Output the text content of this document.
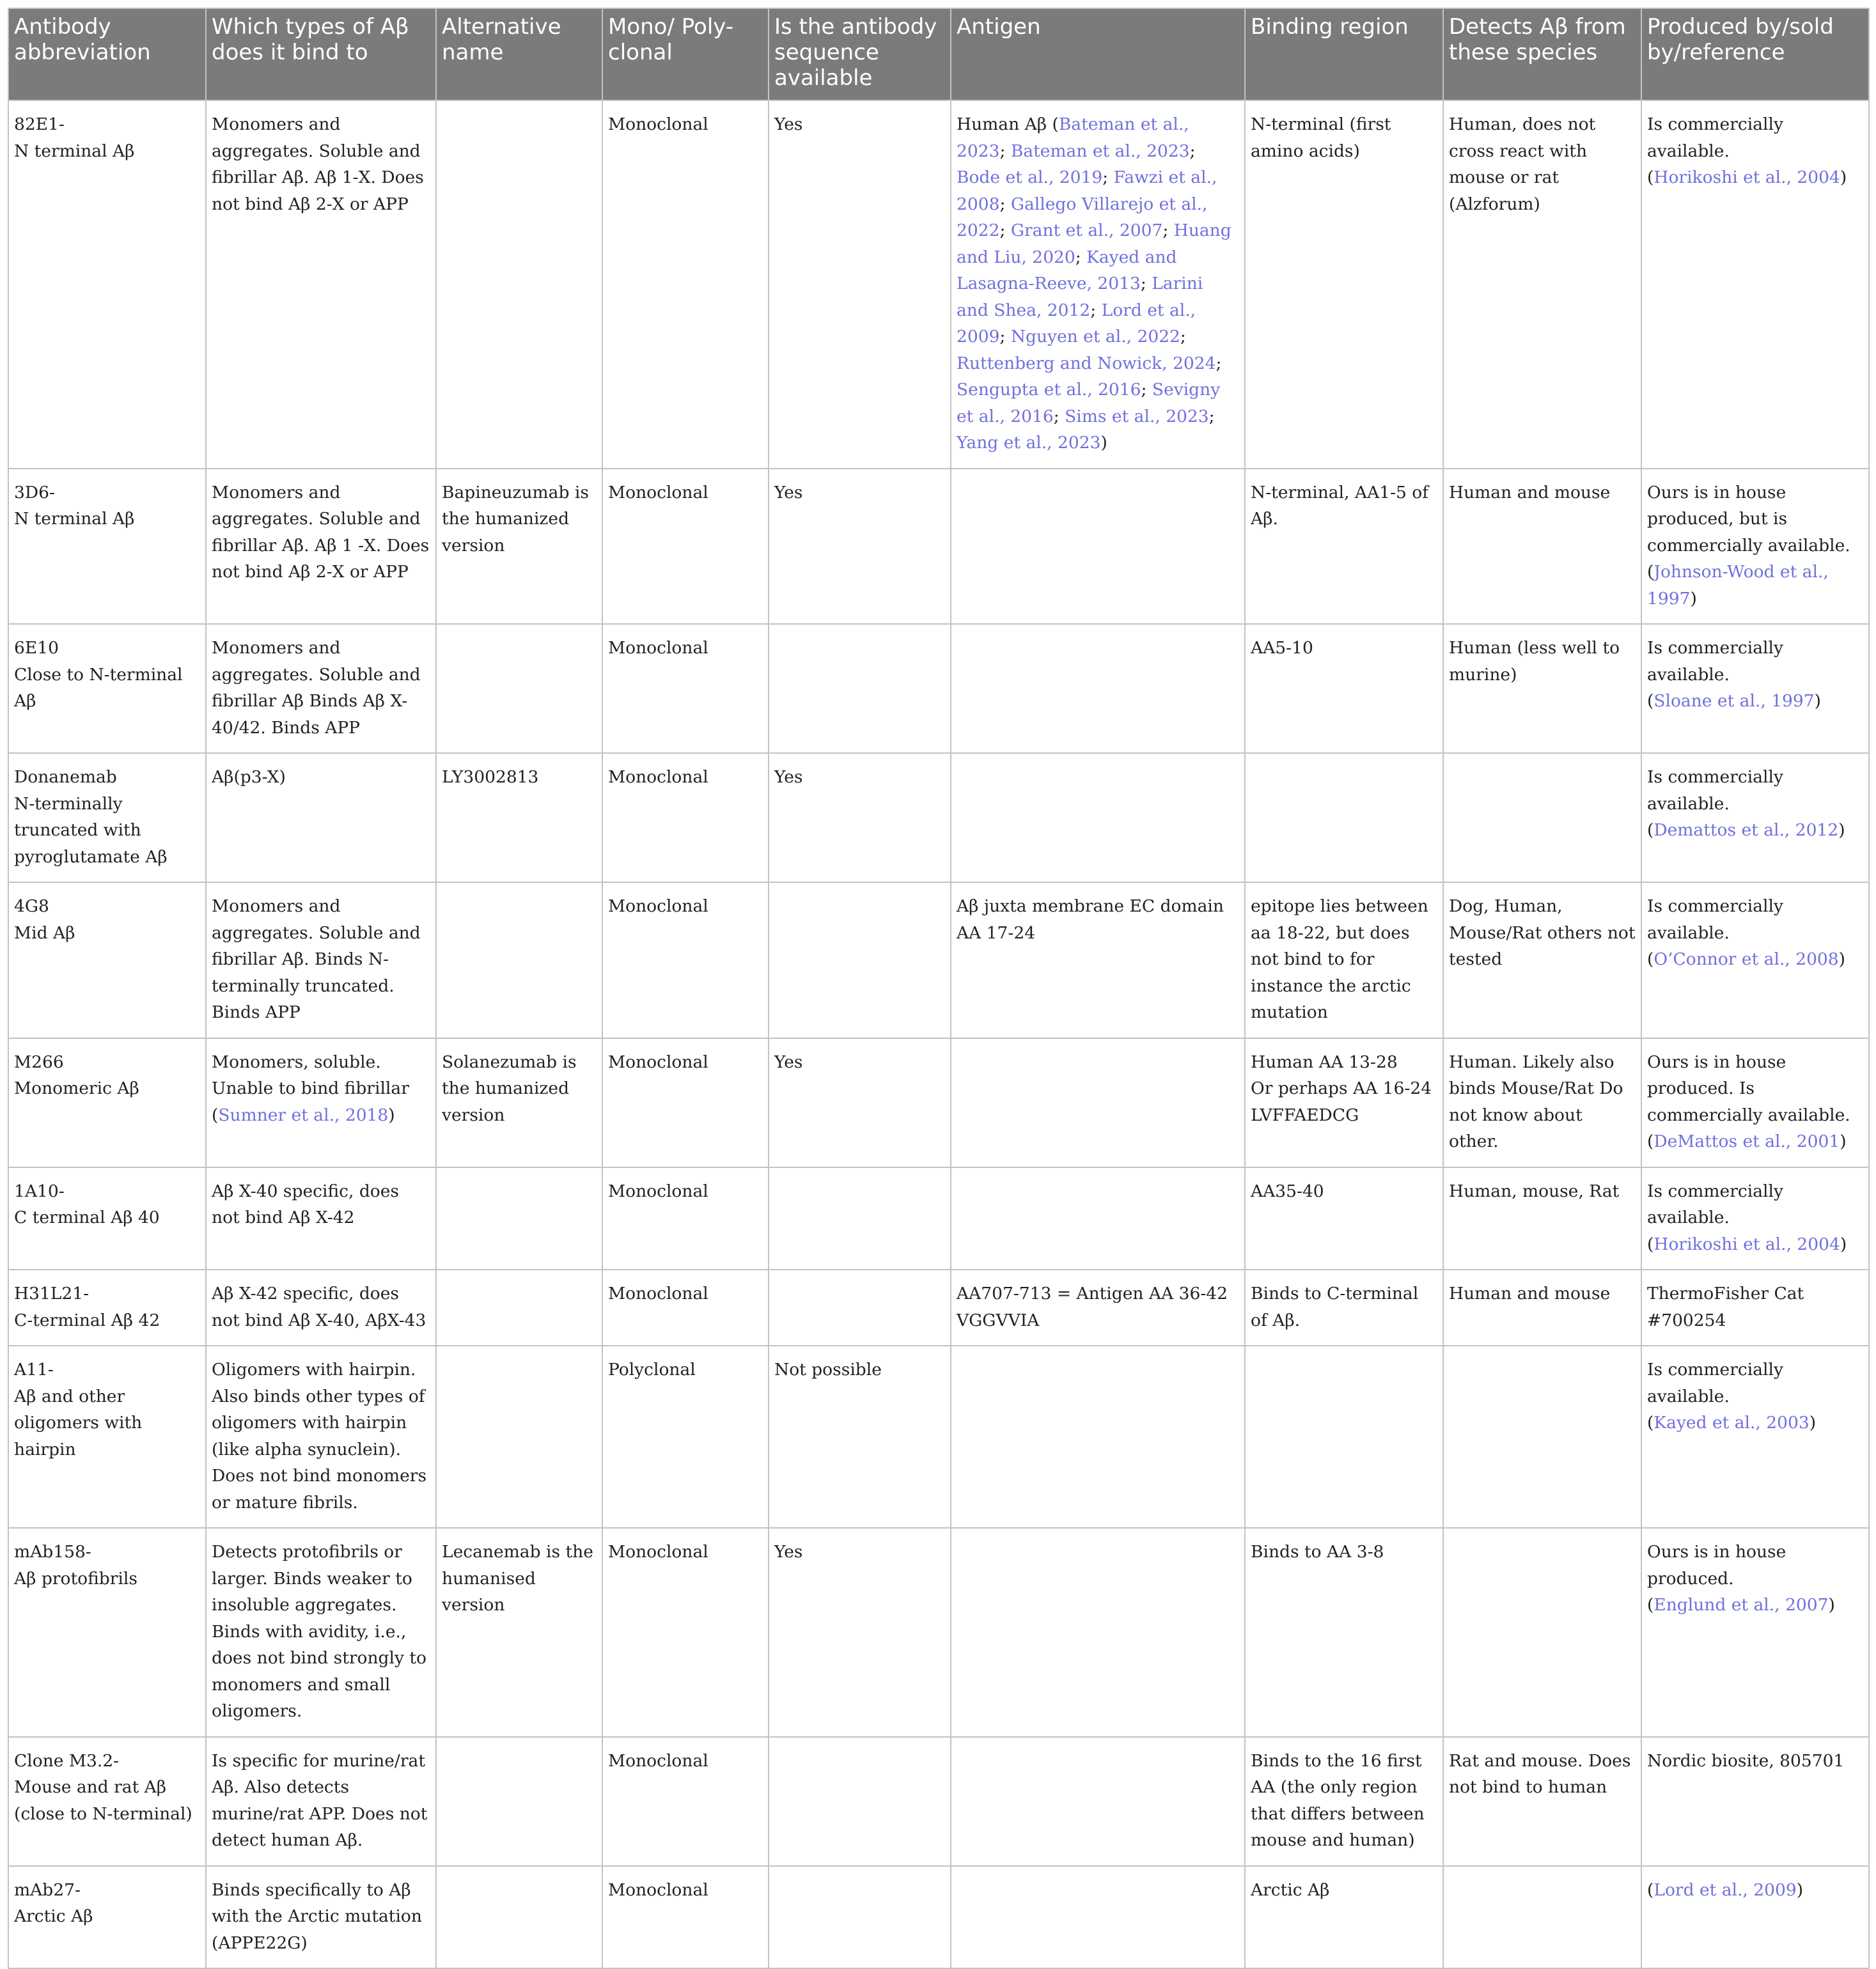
Antibody abbreviation	Which types of Aβ does it bind to	Alternative name	Mono/ Poly-clonal	Is the antibody sequence available	Antigen	Binding region	Detects Aβ from these species	Produced by/sold by/reference

82E1-
N terminal Aβ	Monomers and aggregates. Soluble and fibrillar Aβ. Aβ 1-X. Does not bind Aβ 2-X or APP		Monoclonal	Yes	Human Aβ (Bateman et al., 2023; Bateman et al., 2023; Bode et al., 2019; Fawzi et al., 2008; Gallego Villarejo et al., 2022; Grant et al., 2007; Huang and Liu, 2020; Kayed and Lasagna-Reeve, 2013; Larini and Shea, 2012; Lord et al., 2009; Nguyen et al., 2022; Ruttenberg and Nowick, 2024; Sengupta et al., 2016; Sevigny et al., 2016; Sims et al., 2023; Yang et al., 2023)	N-terminal (first amino acids)	Human, does not cross react with mouse or rat (Alzforum)	Is commercially available.
(Horikoshi et al., 2004)

3D6-
N terminal Aβ	Monomers and aggregates. Soluble and fibrillar Aβ. Aβ 1 -X. Does not bind Aβ 2-X or APP	Bapineuzumab is the humanized version	Monoclonal	Yes		N-terminal, AA1-5 of Aβ.	Human and mouse	Ours is in house produced, but is commercially available.
(Johnson-Wood et al., 1997)

6E10
Close to N-terminal Aβ	Monomers and aggregates. Soluble and fibrillar Aβ Binds Aβ X-40/42. Binds APP		Monoclonal			AA5-10	Human (less well to murine)	Is commercially available.
(Sloane et al., 1997)

Donanemab
N-terminally truncated with pyroglutamate Aβ	Aβ(p3-X)	LY3002813	Monoclonal	Yes				Is commercially available.
(Demattos et al., 2012)

4G8
Mid Aβ	Monomers and aggregates. Soluble and fibrillar Aβ. Binds N-terminally truncated. Binds APP		Monoclonal		Aβ juxta membrane EC domain AA 17-24	epitope lies between aa 18-22, but does not bind to for instance the arctic mutation	Dog, Human, Mouse/Rat others not tested	Is commercially available.
(O’Connor et al., 2008)

M266
Monomeric Aβ	Monomers, soluble. Unable to bind fibrillar (Sumner et al., 2018)	Solanezumab is the humanized version	Monoclonal	Yes		Human AA 13-28
Or perhaps AA 16-24 LVFFAEDCG	Human. Likely also binds Mouse/Rat Do not know about other.	Ours is in house produced. Is commercially available.
(DeMattos et al., 2001)

1A10-
C terminal Aβ 40	Aβ X-40 specific, does not bind Aβ X-42		Monoclonal			AA35-40	Human, mouse, Rat	Is commercially available.
(Horikoshi et al., 2004)

H31L21-
C-terminal Aβ 42	Aβ X-42 specific, does not bind Aβ X-40, AβX-43		Monoclonal		AA707-713 = Antigen AA 36-42 VGGVVIA	Binds to C-terminal of Aβ.	Human and mouse	ThermoFisher Cat #700254

A11-
Aβ and other oligomers with hairpin	Oligomers with hairpin. Also binds other types of oligomers with hairpin (like alpha synuclein). Does not bind monomers or mature fibrils.		Polyclonal	Not possible				Is commercially available.
(Kayed et al., 2003)

mAb158-
Aβ protofibrils	Detects protofibrils or larger. Binds weaker to insoluble aggregates. Binds with avidity, i.e., does not bind strongly to monomers and small oligomers.	Lecanemab is the humanised version	Monoclonal	Yes		Binds to AA 3-8		Ours is in house produced.
(Englund et al., 2007)

Clone M3.2-
Mouse and rat Aβ (close to N-terminal)	Is specific for murine/rat Aβ. Also detects murine/rat APP. Does not detect human Aβ.		Monoclonal			Binds to the 16 first AA (the only region that differs between mouse and human)	Rat and mouse. Does not bind to human	Nordic biosite, 805701

mAb27-
Arctic Aβ	Binds specifically to Aβ with the Arctic mutation (APPE22G)		Monoclonal			Arctic Aβ		(Lord et al., 2009)
